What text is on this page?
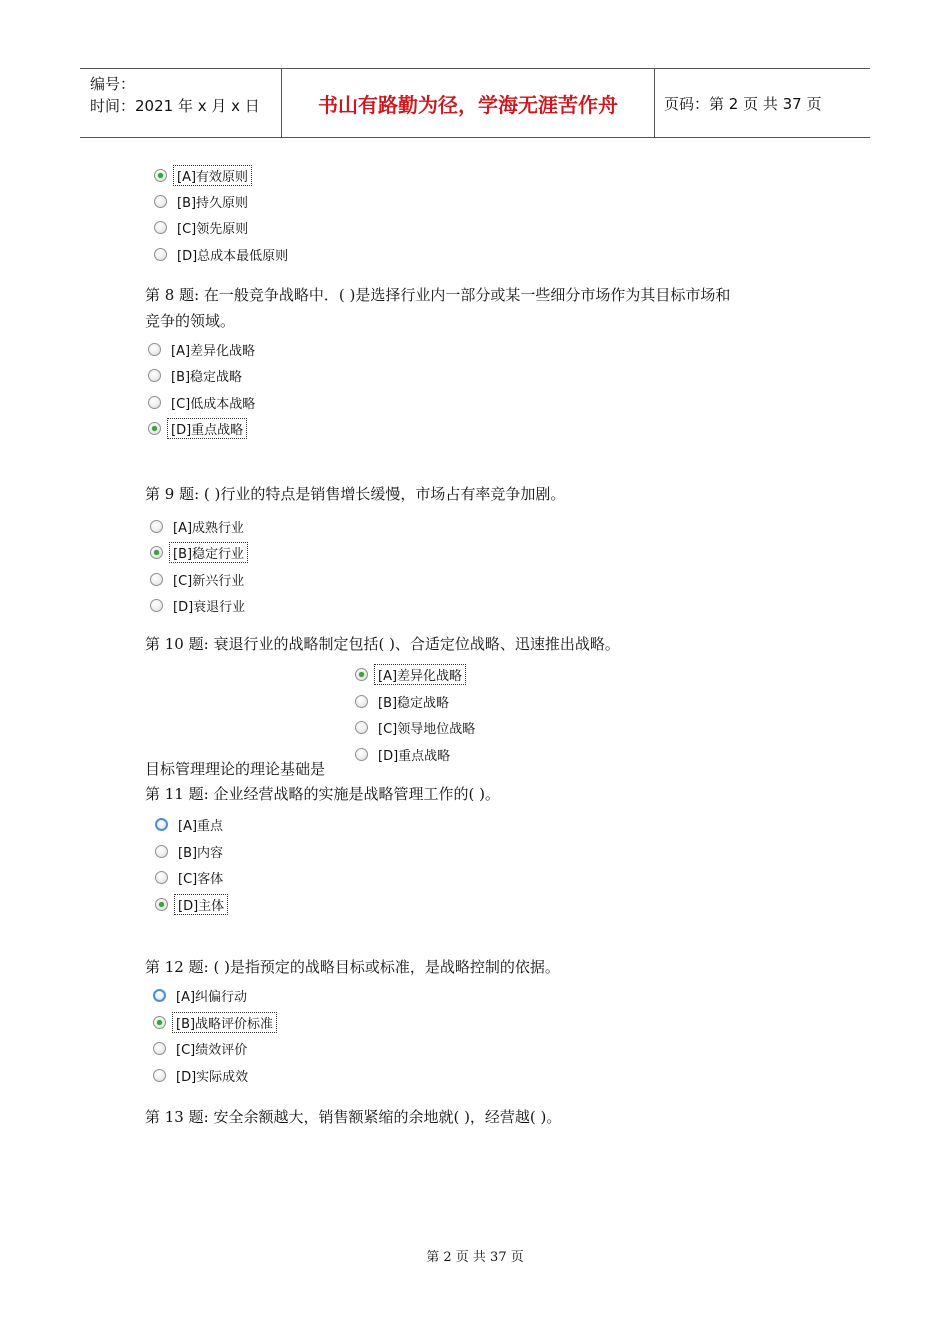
编号：
时间：2021 年 x 月 x 日	书山有路勤为径，学海无涯苦作舟	页码：第 2 页 共 37 页
[A]有效原则
[B]持久原则
[C]领先原则
[D]总成本最低原则
第 8 题: 在一般竞争战略中．( )是选择行业内一部分或某一些细分市场作为其目标市场和
竞争的领域。
[A]差异化战略
[B]稳定战略
[C]低成本战略
[D]重点战略
第 9 题: ( )行业的特点是销售增长缓慢，市场占有率竞争加剧。
[A]成熟行业
[B]稳定行业
[C]新兴行业
[D]衰退行业
第 10 题: 衰退行业的战略制定包括( )、合适定位战略、迅速推出战略。
[A]差异化战略
[B]稳定战略
[C]领导地位战略
[D]重点战略
目标管理理论的理论基础是
第 11 题: 企业经营战略的实施是战略管理工作的( )。
[A]重点
[B]内容
[C]客体
[D]主体
第 12 题: ( )是指预定的战略目标或标准，是战略控制的依据。
[A]纠偏行动
[B]战略评价标准
[C]绩效评价
[D]实际成效
第 13 题: 安全余额越大，销售额紧缩的余地就( )，经营越( )。
第 2 页 共 37 页
